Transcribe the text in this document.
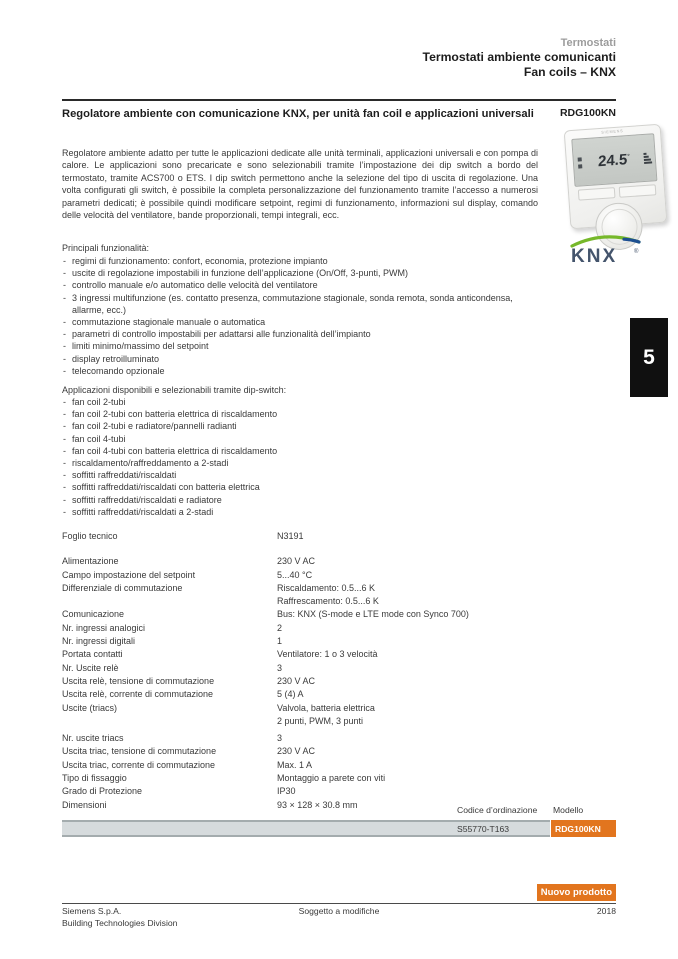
Termostati
Termostati ambiente comunicanti
Fan coils – KNX
Regolatore ambiente con comunicazione KNX, per unità fan coil e applicazioni universali	RDG100KN
SIEMENS
24.5°
KNX	®
Regolatore ambiente adatto per tutte le applicazioni dedicate alle unità terminali, applicazioni universali e con pompa di calore. Le applicazioni sono precaricate e sono selezionabili tramite l’impostazione dei dip switch a bordo del termostato, tramite ACS700 o ETS. I dip switch permettono anche la selezione del tipo di uscita di regolazione. Una volta configurati gli switch, è possibile la completa personalizzazione del funzionamento tramite l’accesso a numerosi parametri dedicati; è possibile quindi modificare setpoint, regimi di funzionamento, informazioni sul display, comando delle velocità del ventilatore, bande proporzionali, tempi integrali, ecc.
Principali funzionalità:
- regimi di funzionamento: confort, economia, protezione impianto
- uscite di regolazione impostabili in funzione dell’applicazione (On/Off, 3-punti, PWM)
- controllo manuale e/o automatico delle velocità del ventilatore
- 3 ingressi multifunzione (es. contatto presenza, commutazione stagionale, sonda remota, sonda anticondensa, allarme, ecc.)
- commutazione stagionale manuale o automatica
- parametri di controllo impostabili per adattarsi alle funzionalità dell’impianto
- limiti minimo/massimo del setpoint
- display retroilluminato
- telecomando opzionale
Applicazioni disponibili e selezionabili tramite dip-switch:
- fan coil 2-tubi
- fan coil 2-tubi con batteria elettrica di riscaldamento
- fan coil 2-tubi e radiatore/pannelli radianti
- fan coil 4-tubi
- fan coil 4-tubi con batteria elettrica di riscaldamento
- riscaldamento/raffreddamento a 2-stadi
- soffitti raffreddati/riscaldati
- soffitti raffreddati/riscaldati con batteria elettrica
- soffitti raffreddati/riscaldati e radiatore
- soffitti raffreddati/riscaldati a 2-stadi
Foglio tecnico	N3191
Alimentazione	230 V AC
Campo impostazione del setpoint	5...40 °C
Differenziale di commutazione	Riscaldamento: 0.5...6 K
Raffrescamento: 0.5...6 K
Comunicazione	Bus: KNX (S-mode e LTE mode con Synco 700)
Nr. ingressi analogici	2
Nr. ingressi digitali	1
Portata contatti	Ventilatore: 1 o 3 velocità
Nr. Uscite relè	3
Uscita relè, tensione di commutazione	230 V AC
Uscita relè, corrente di commutazione	5 (4) A
Uscite (triacs)	Valvola, batteria elettrica
2 punti, PWM, 3 punti
Nr. uscite triacs	3
Uscita triac, tensione di commutazione	230 V AC
Uscita triac, corrente di commutazione	Max. 1 A
Tipo di fissaggio	Montaggio a parete con viti
Grado di Protezione	IP30
Dimensioni	93 × 128 × 30.8 mm
Codice d’ordinazione Modello
S55770-T163	RDG100KN
Nuovo prodotto
Siemens S.p.A.
Building Technologies Division
Soggetto a modifiche	2018
5
